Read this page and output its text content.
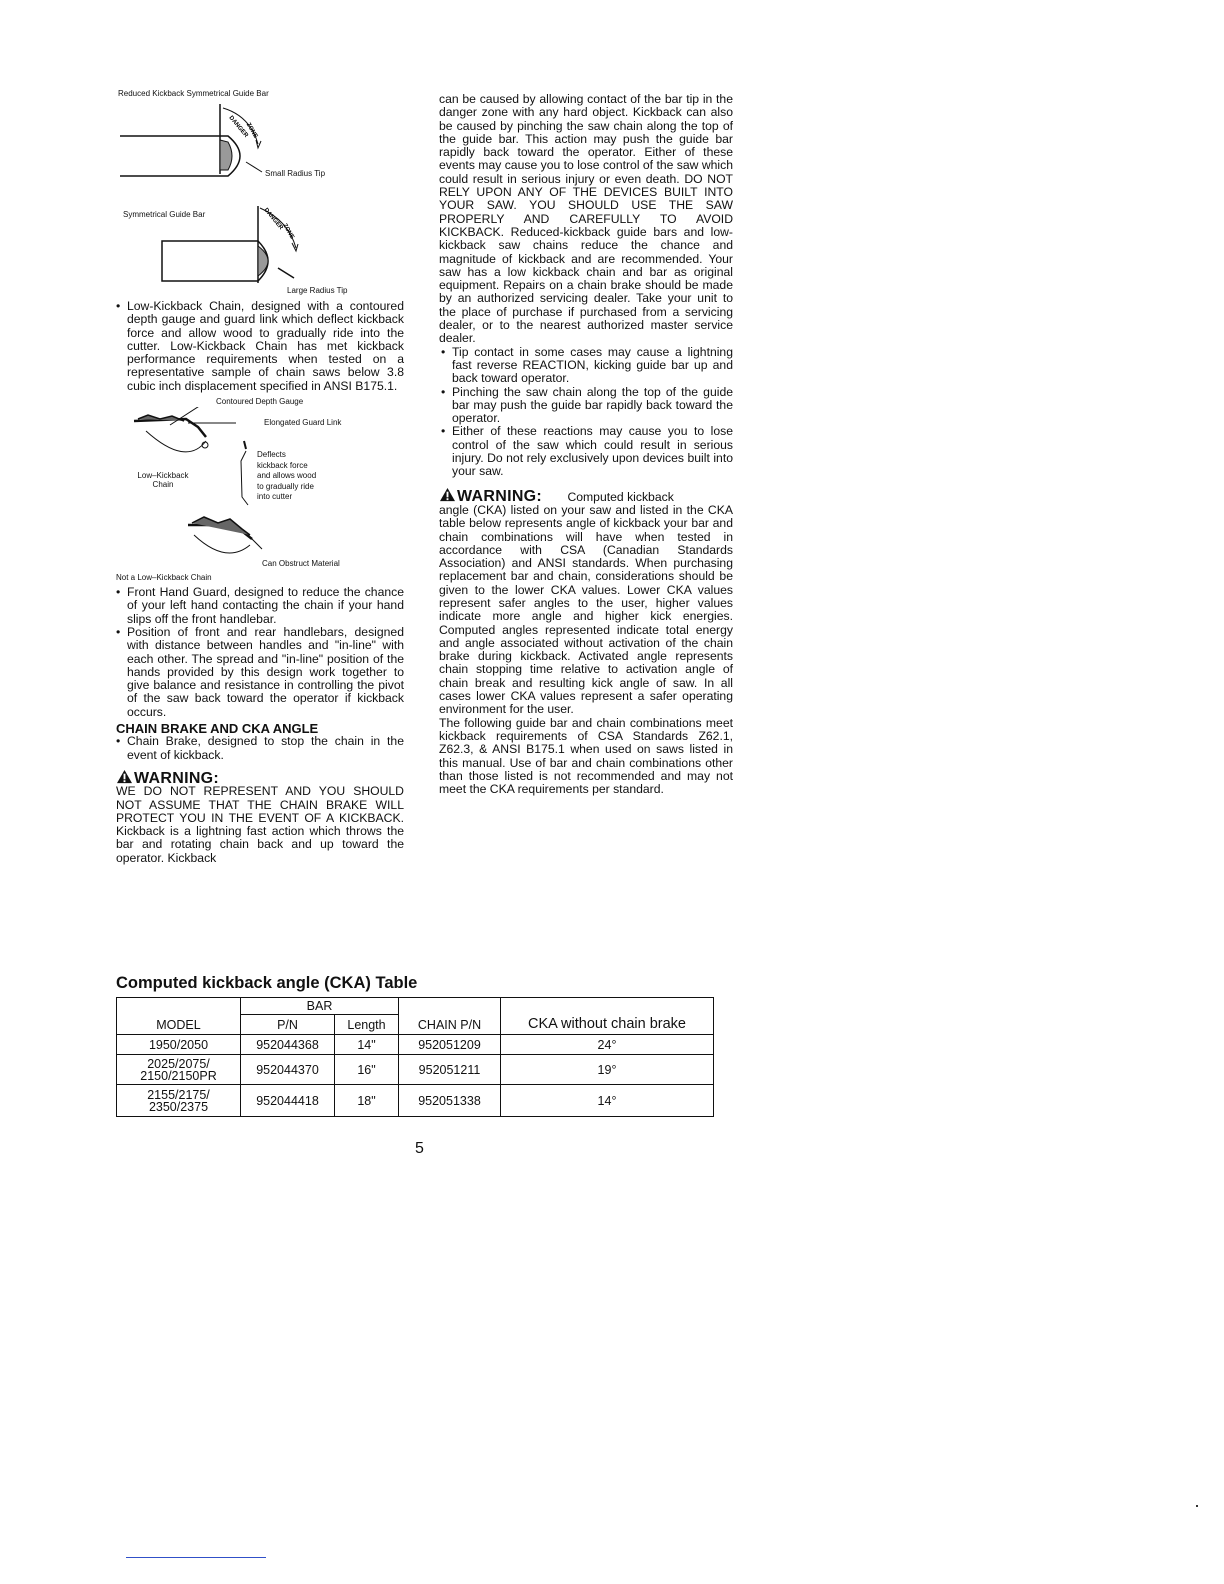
Reduced Kickback Symmetrical Guide Bar
DANGER
ZONE
DANGER
ZONE
Small Radius Tip
Symmetrical Guide Bar
Large Radius Tip

• Low-Kickback Chain, designed with a contoured depth gauge and guard link which deflect kickback force and allow wood to gradually ride into the cutter. Low-Kickback Chain has met kickback performance requirements when tested on a representative sample of chain saws below 3.8 cubic inch displacement specified in ANSI B175.1.

Contoured Depth Gauge
Elongated Guard Link
Deflects
kickback force
and allows wood
to gradually ride
into cutter
Low–Kickback
Chain
Can Obstruct Material
Not a Low–Kickback Chain

• Front Hand Guard, designed to reduce the chance of your left hand contacting the chain if your hand slips off the front handlebar.

• Position of front and rear handlebars, designed with distance between handles and "in-line" with each other. The spread and "in-line" position of the hands provided by this design work together to give balance and resistance in controlling the pivot of the saw back toward the operator if kickback occurs.

CHAIN BRAKE AND CKA ANGLE

• Chain Brake, designed to stop the chain in the event of kickback.

WARNING:

WE DO NOT REPRESENT AND YOU SHOULD NOT ASSUME THAT THE CHAIN BRAKE WILL PROTECT YOU IN THE EVENT OF A KICKBACK. Kickback is a lightning fast action which throws the bar and rotating chain back and up toward the operator. Kickback

can be caused by allowing contact of the bar tip in the danger zone with any hard object. Kickback can also be caused by pinching the saw chain along the top of the guide bar. This action may push the guide bar rapidly back toward the operator. Either of these events may cause you to lose control of the saw which could result in serious injury or even death. DO NOT RELY UPON ANY OF THE DEVICES BUILT INTO YOUR SAW. YOU SHOULD USE THE SAW PROPERLY AND CAREFULLY TO AVOID KICKBACK. Reduced-kickback guide bars and low-kickback saw chains reduce the chance and magnitude of kickback and are recommended. Your saw has a low kickback chain and bar as original equipment. Repairs on a chain brake should be made by an authorized servicing dealer. Take your unit to the place of purchase if purchased from a servicing dealer, or to the nearest authorized master service dealer.

• Tip contact in some cases may cause a lightning fast reverse REACTION, kicking guide bar up and back toward operator.

• Pinching the saw chain along the top of the guide bar may push the guide bar rapidly back toward the operator.

• Either of these reactions may cause you to lose control of the saw which could result in serious injury. Do not rely exclusively upon devices built into your saw.

WARNING: Computed kickback

angle (CKA) listed on your saw and listed in the CKA table below represents angle of kickback your bar and chain combinations will have when tested in accordance with CSA (Canadian Standards Association) and ANSI standards. When purchasing replacement bar and chain, considerations should be given to the lower CKA values. Lower CKA values represent safer angles to the user, higher values indicate more angle and higher kick energies. Computed angles represented indicate total energy and angle associated without activation of the chain brake during kickback. Activated angle represents chain stopping time relative to activation angle of chain break and resulting kick angle of saw. In all cases lower CKA values represent a safer operating environment for the user.

The following guide bar and chain combinations meet kickback requirements of CSA Standards Z62.1, Z62.3, & ANSI B175.1 when used on saws listed in this manual. Use of bar and chain combinations other than those listed is not recommended and may not meet the CKA requirements per standard.

Computed kickback angle (CKA) Table
MODEL	BAR		CHAIN P/N	CKA without chain brake
	P/N	Length		
1950/2050	952044368	14"	952051209	24°

2025/2075/
2150/2150PR	952044370	16"	952051211	19°

2155/2175/
2350/2375	952044418	18"	952051338	14°
5
